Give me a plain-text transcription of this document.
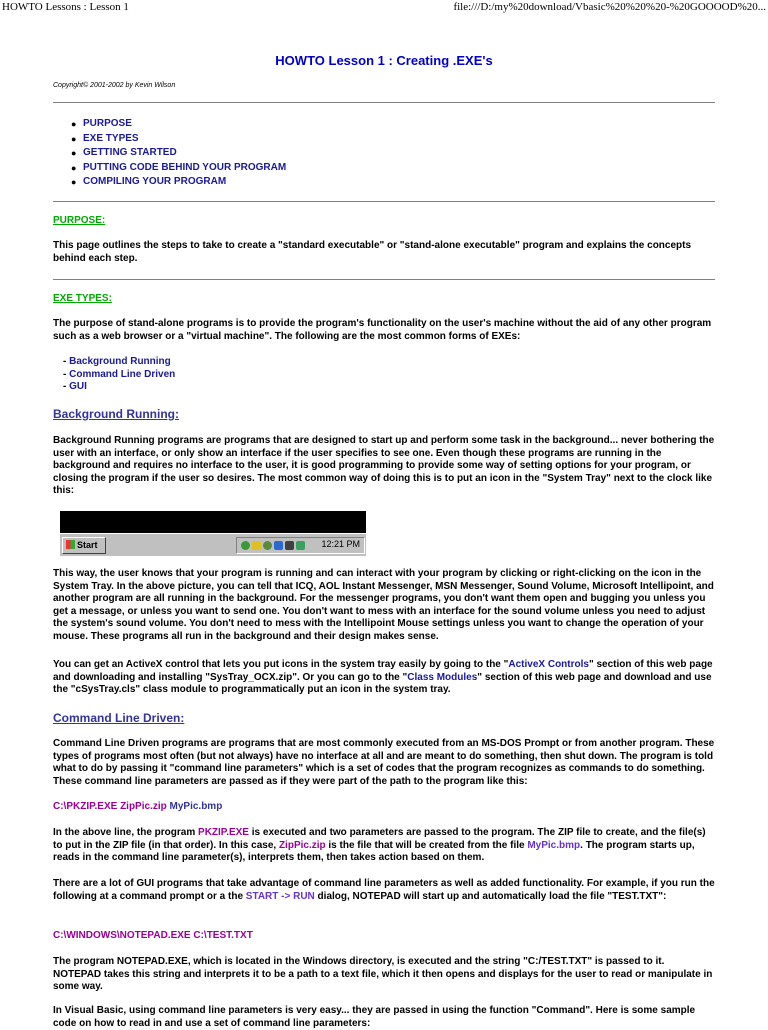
HOWTO Lessons : Lesson 1	file:///D:/my%20download/Vbasic%20%20%20-%20GOOOOD%20...
HOWTO Lesson 1 : Creating .EXE's
Copyright© 2001-2002 by Kevin Wilson
● PURPOSE
● EXE TYPES
● GETTING STARTED
● PUTTING CODE BEHIND YOUR PROGRAM
● COMPILING YOUR PROGRAM
PURPOSE:

This page outlines the steps to take to create a "standard executable" or "stand-alone executable" program and explains the concepts behind each step.

EXE TYPES:

The purpose of stand-alone programs is to provide the program's functionality on the user's machine without the aid of any other program such as a web browser or a "virtual machine". The following are the most common forms of EXEs:

- Background Running
- Command Line Driven
- GUI
Background Running:

Background Running programs are programs that are designed to start up and perform some task in the background... never bothering the user with an interface, or only show an interface if the user specifies to see one. Even though these programs are running in the background and requires no interface to the user, it is good programming to provide some way of setting options for your program, or closing the program if the user so desires. The most common way of doing this is to put an icon in the "System Tray" next to the clock like this:

This way, the user knows that your program is running and can interact with your program by clicking or right-clicking on the icon in the System Tray. In the above picture, you can tell that ICQ, AOL Instant Messenger, MSN Messenger, Sound Volume, Microsoft Intellipoint, and another program are all running in the background. For the messenger programs, you don't want them open and bugging you unless you get a message, or unless you want to send one. You don't want to mess with an interface for the sound volume unless you need to adjust the system's sound volume. You don't need to mess with the Intellipoint Mouse settings unless you want to change the operation of your mouse. These programs all run in the background and their design makes sense.

You can get an ActiveX control that lets you put icons in the system tray easily by going to the "ActiveX Controls" section of this web page and downloading and installing "SysTray_OCX.zip". Or you can go to the "Class Modules" section of this web page and download and use the "cSysTray.cls" class module to programmatically put an icon in the system tray.

Command Line Driven:

Command Line Driven programs are programs that are most commonly executed from an MS-DOS Prompt or from another program. These types of programs most often (but not always) have no interface at all and are meant to do something, then shut down. The program is told what to do by passing it "command line parameters" which is a set of codes that the program recognizes as commands to do something. These command line parameters are passed as if they were part of the path to the program like this:

C:\PKZIP.EXE ZipPic.zip MyPic.bmp

In the above line, the program PKZIP.EXE is executed and two parameters are passed to the program. The ZIP file to create, and the file(s) to put in the ZIP file (in that order). In this case, ZipPic.zip is the file that will be created from the file MyPic.bmp. The program starts up, reads in the command line parameter(s), interprets them, then takes action based on them.

There are a lot of GUI programs that take advantage of command line parameters as well as added functionality. For example, if you run the following at a command prompt or a the START -> RUN dialog, NOTEPAD will start up and automatically load the file "TEST.TXT":

C:\WINDOWS\NOTEPAD.EXE C:\TEST.TXT

The program NOTEPAD.EXE, which is located in the Windows directory, is executed and the string "C:/TEST.TXT" is passed to it. NOTEPAD takes this string and interprets it to be a path to a text file, which it then opens and displays for the user to read or manipulate in some way.

In Visual Basic, using command line parameters is very easy... they are passed in using the function "Command". Here is some sample code on how to read in and use a set of command line parameters:

Start	12:21 PM
